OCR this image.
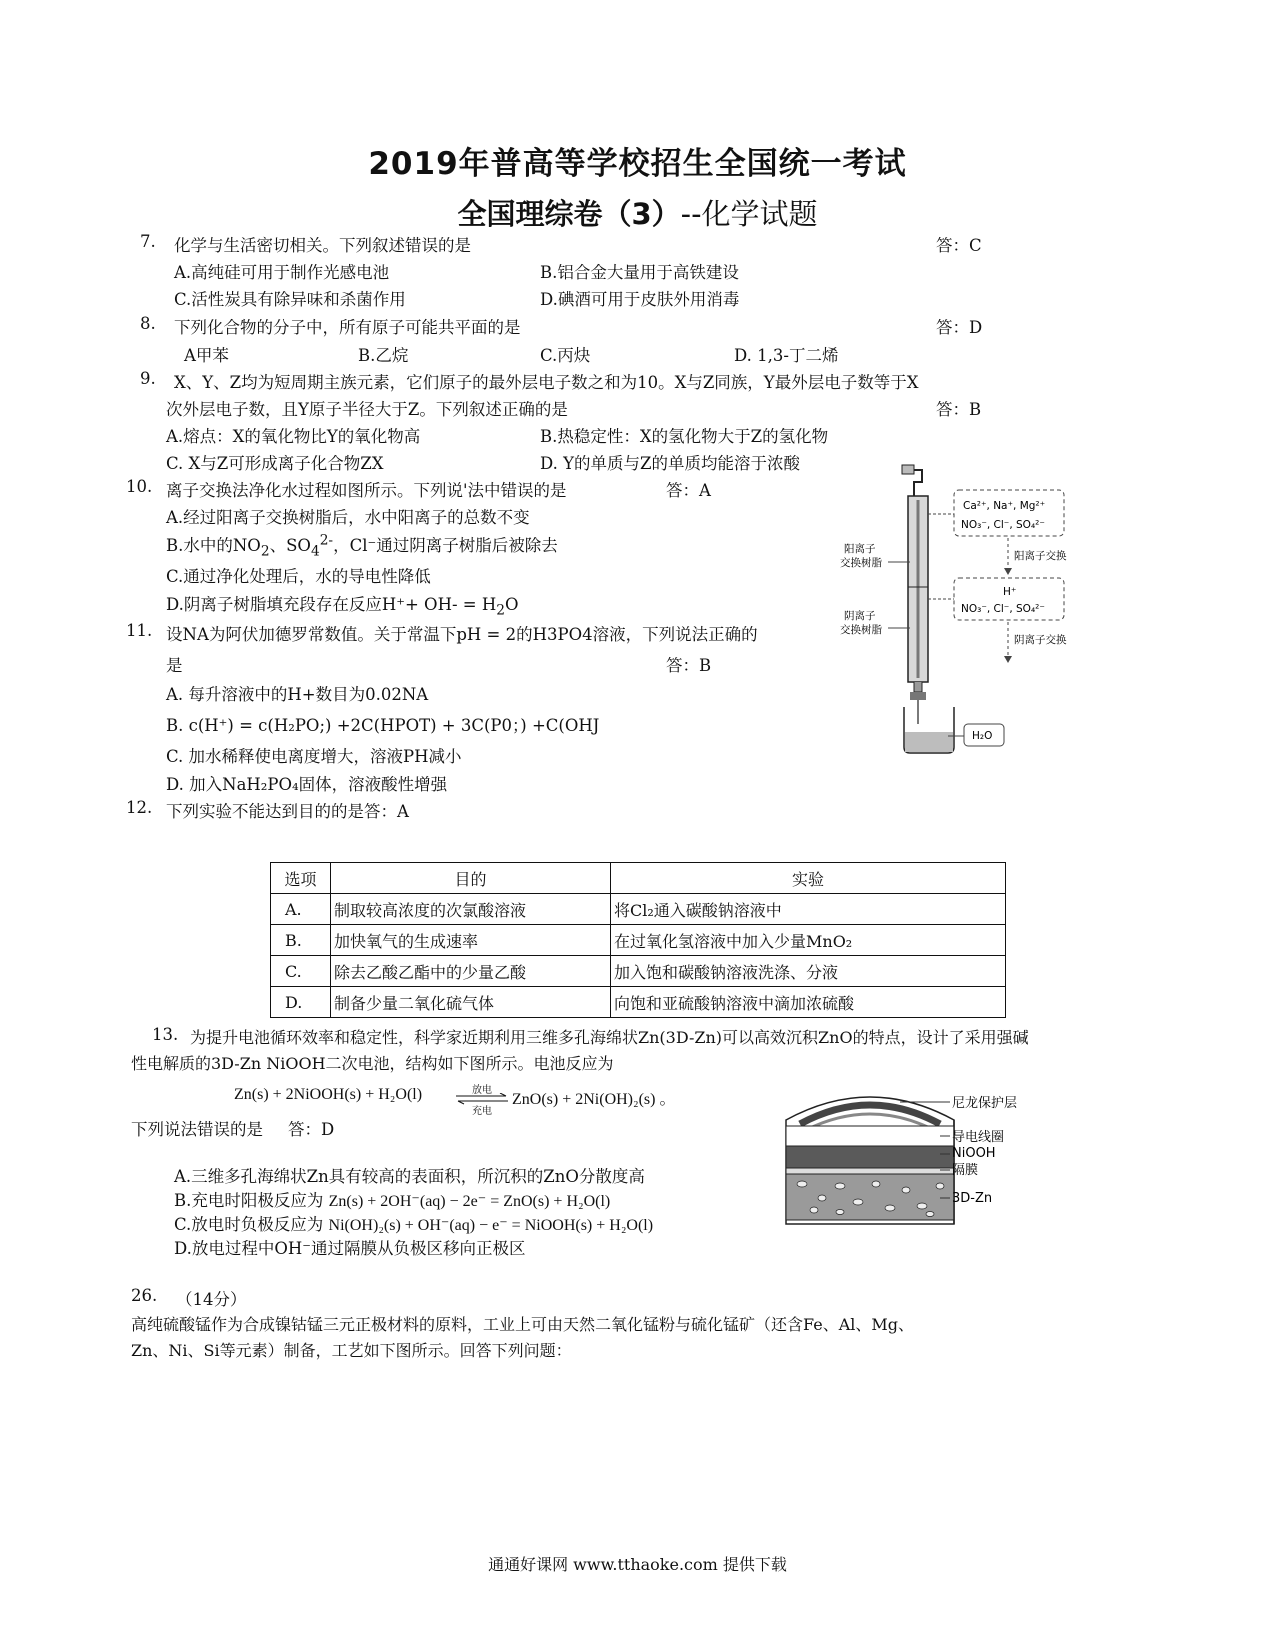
2019年普高等学校招生全国统一考试
全国理综卷（3）--化学试题
7. 化学与生活密切相关。下列叙述错误的是	答：C
A.高纯硅可用于制作光感电池	B.铝合金大量用于高铁建设
C.活性炭具有除异味和杀菌作用	D.碘酒可用于皮肤外用消毒
8. 下列化合物的分子中，所有原子可能共平面的是	答：D
A甲苯	B.乙烷	C.丙炔	D. 1,3-丁二烯
9. X、Y、Z均为短周期主族元素，它们原子的最外层电子数之和为10。X与Z同族，Y最外层电子数等于X
次外层电子数，且Y原子半径大于Z。下列叙述正确的是	答：B
A.熔点：X的氧化物比Y的氧化物高	B.热稳定性：X的氢化物大于Z的氢化物
C. X与Z可形成离子化合物ZX	D. Y的单质与Z的单质均能溶于浓酸
10. 离子交换法净化水过程如图所示。下列说'法中错误的是	答：A
A.经过阳离子交换树脂后，水中阳离子的总数不变
B.水中的$NO_2$、$SO_4^{2-}$，Cl⁻通过阴离子树脂后被除去
C.通过净化处理后，水的导电性降低
D.阴离子树脂填充段存在反应$H^++ OH- = H_2O$
Ca²⁺, Na⁺, Mg²⁺
NO₃⁻, Cl⁻, SO₄²⁻
阳离子交换
H⁺
NO₃⁻, Cl⁻, SO₄²⁻
阴离子交换
阳离子
交换树脂
阴离子
交换树脂
H₂O
11. 设NA为阿伏加德罗常数值。关于常温下pH = 2的H3PO4溶液，下列说法正确的
是	答：B
A. 每升溶液中的H+数目为0.02NA
B. c(H⁺) = c(H₂PO;) +2C(HPOT) + 3C(P0；) +C(OHJ
C. 加水稀释使电离度增大，溶液PH减小
D. 加入NaH₂PO₄固体，溶液酸性增强
12. 下列实验不能达到目的的是答：A
选项	目的	实验
A.	制取较高浓度的次氯酸溶液	将Cl₂通入碳酸钠溶液中
B.	加快氧气的生成速率	在过氧化氢溶液中加入少量MnO₂
C.	除去乙酸乙酯中的少量乙酸	加入饱和碳酸钠溶液洗涤、分液
D.	制备少量二氧化硫气体	向饱和亚硫酸钠溶液中滴加浓硫酸
13. 为提升电池循环效率和稳定性，科学家近期利用三维多孔海绵状Zn(3D-Zn)可以高效沉积ZnO的特点，设计了采用强碱
性电解质的3D-Zn NiOOH二次电池，结构如下图所示。电池反应为
Zn(s) + 2NiOOH(s) + H₂O(l)	放电
充电
⇌ ZnO(s) + 2Ni(OH)₂(s) 。
下列说法错误的是 答：D
A.三维多孔海绵状Zn具有较高的表面积，所沉积的ZnO分散度高
B.充电时阳极反应为 Zn(s) + 2OH⁻(aq) − 2e⁻ = ZnO(s) + H₂O(l)
C.放电时负极反应为 Ni(OH)₂(s) + OH⁻(aq) − e⁻ = NiOOH(s) + H₂O(l)
D.放电过程中OH⁻通过隔膜从负极区移向正极区
尼龙保护层
导电线圈
NiOOH
隔膜
3D-Zn
26. （14分）
高纯硫酸锰作为合成镍钴锰三元正极材料的原料，工业上可由天然二氧化锰粉与硫化锰矿（还含Fe、Al、Mg、
Zn、Ni、Si等元素）制备，工艺如下图所示。回答下列问题：
通通好课网 www.tthaoke.com 提供下载
